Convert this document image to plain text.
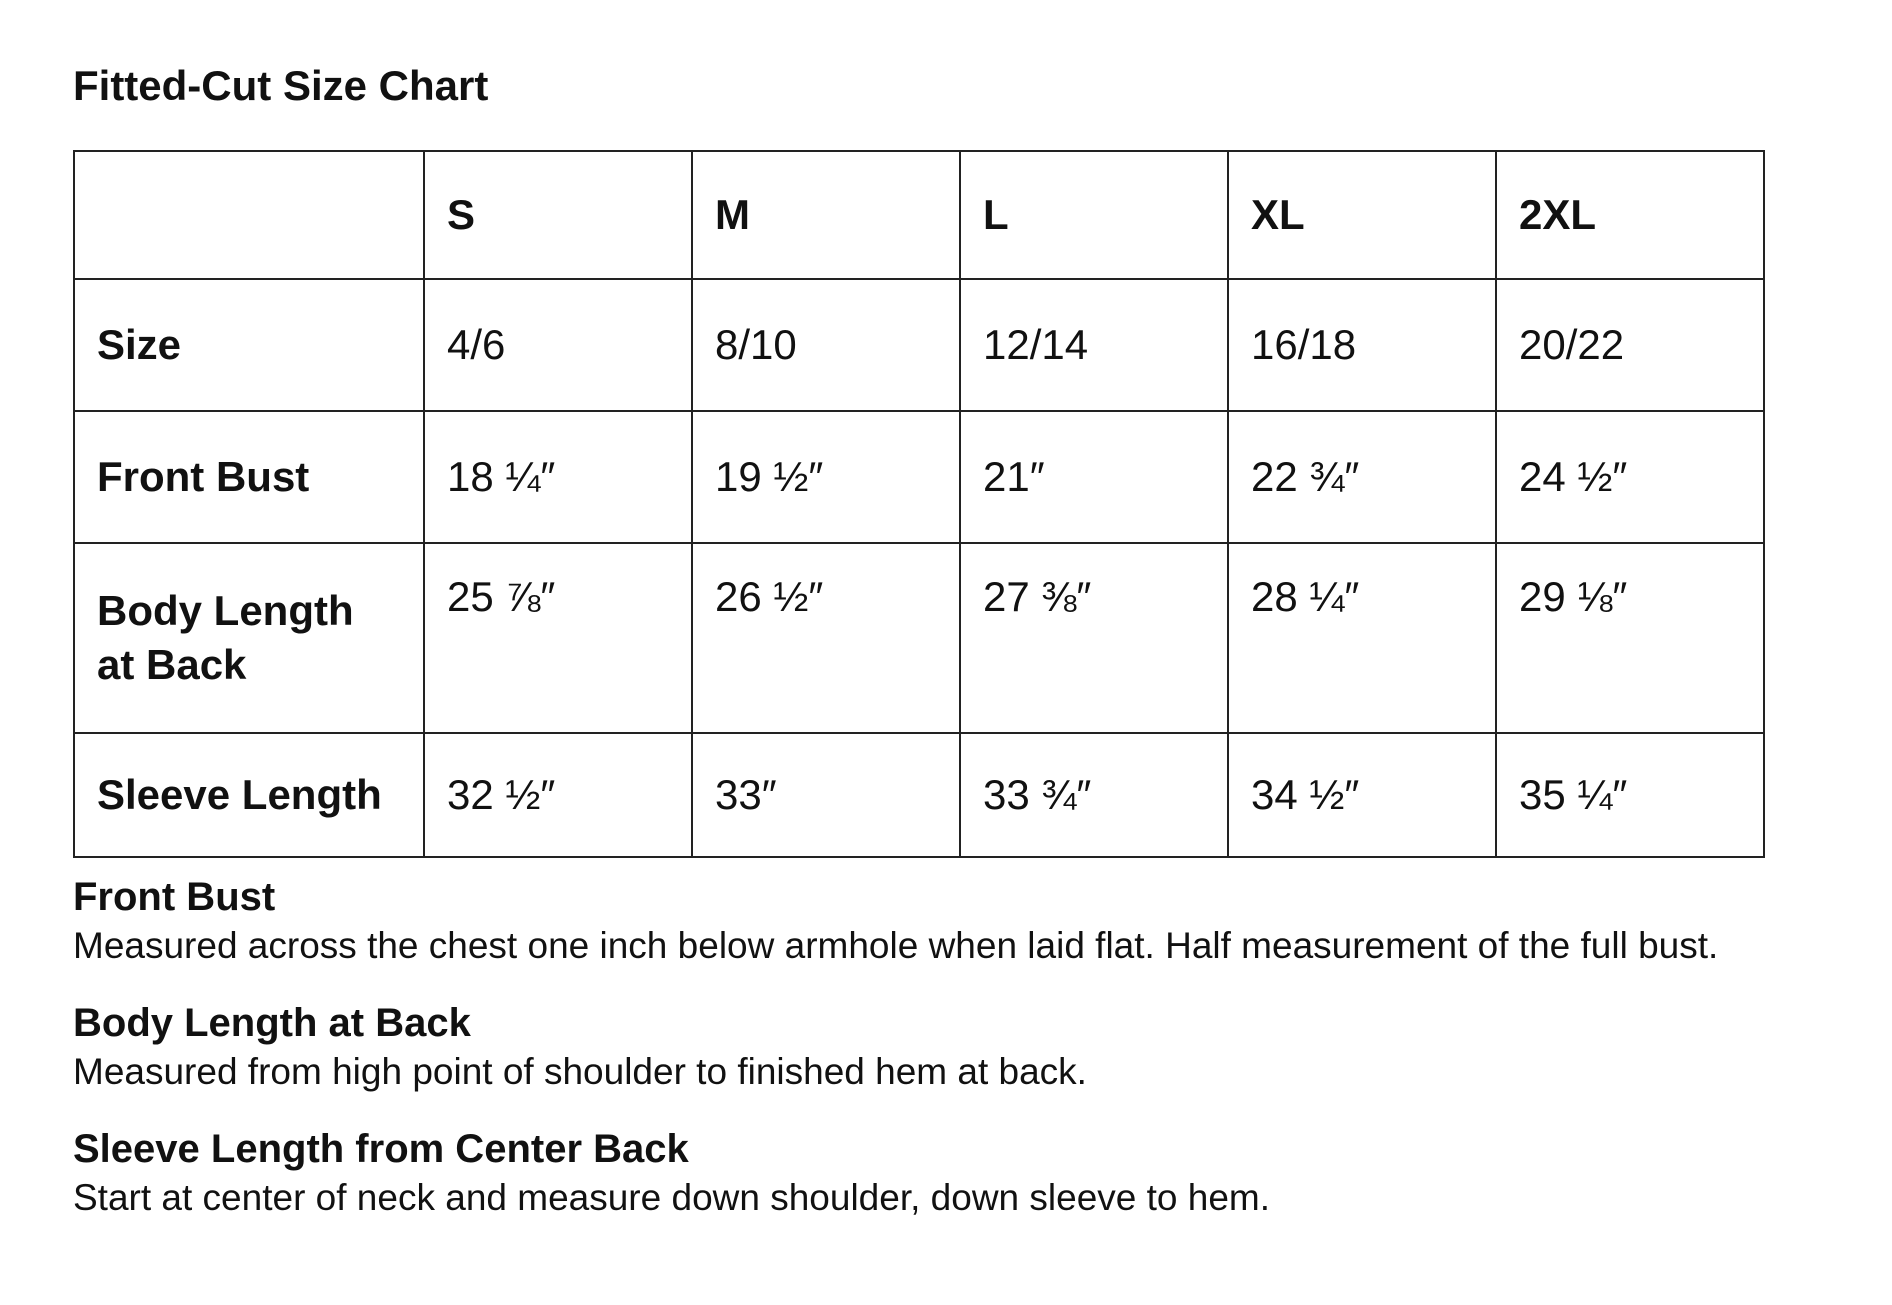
Fitted-Cut Size Chart
	S	M	L	XL	2XL
Size	4/6	8/10	12/14	16/18	20/22
Front Bust	18 ¼″	19 ½″	21″	22 ¾″	24 ½″
Body Length at Back	25 ⅞″	26 ½″	27 ⅜″	28 ¼″	29 ⅛″
Sleeve Length	32 ½″	33″	33 ¾″	34 ½″	35 ¼″
Front Bust
Measured across the chest one inch below armhole when laid flat. Half measurement of the full bust.
Body Length at Back
Measured from high point of shoulder to finished hem at back.
Sleeve Length from Center Back
Start at center of neck and measure down shoulder, down sleeve to hem.
